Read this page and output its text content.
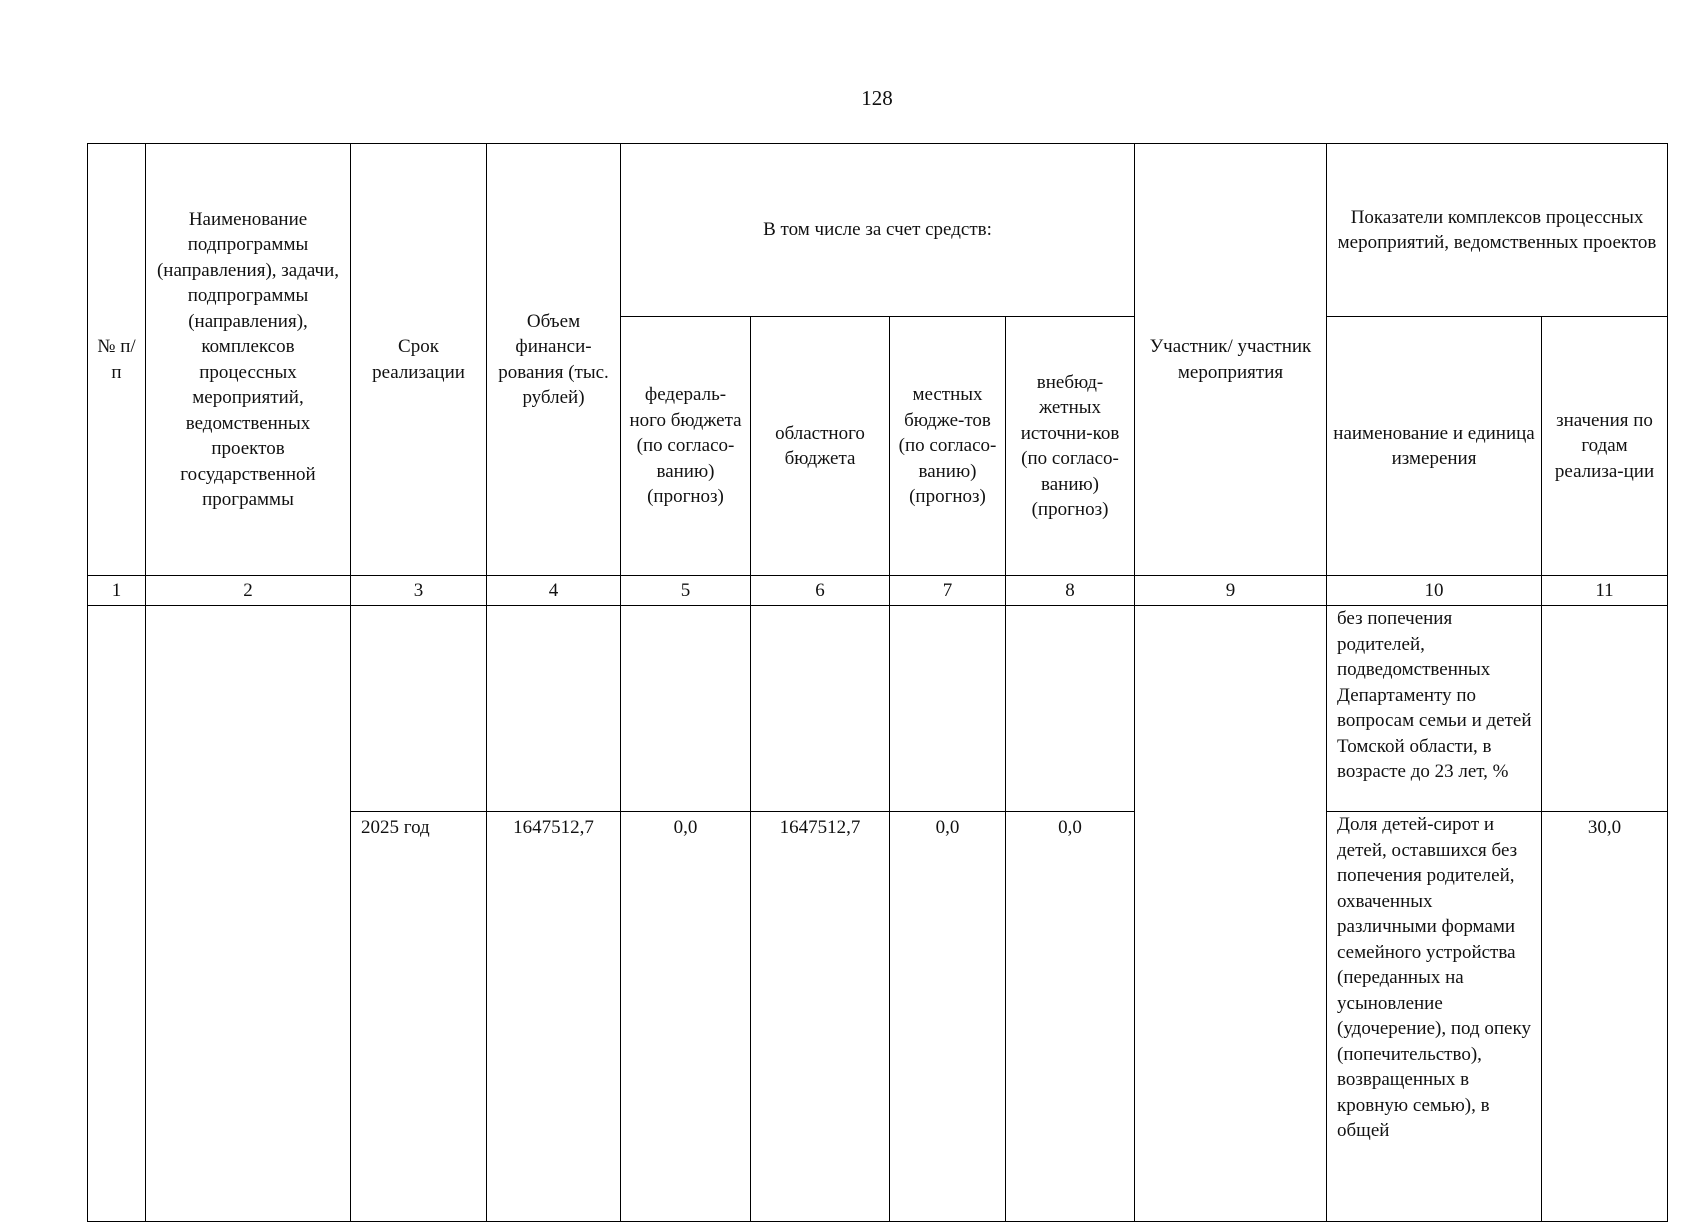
128
№ п/п	Наименование подпрограммы (направления), задачи, подпрограммы (направления), комплексов процессных мероприятий, ведомственных проектов государственной программы	Срок реализации	Объем финанси-рования (тыс. рублей)	В том числе за счет средств:				Участник/ участник мероприятия	Показатели комплексов процессных мероприятий, ведомственных проектов	
				федераль-ного бюджета (по согласо-ванию) (прогноз)	областного бюджета	местных бюдже-тов (по согласо-ванию) (прогноз)	внебюд-жетных источни-ков (по согласо-ванию) (прогноз)		наименование и единица измерения	значения по годам реализа-ции
1	2	3	4	5	6	7	8	9	10	11
									без попечения родителей, подведомственных Департаменту по вопросам семьи и детей Томской области, в возрасте до 23 лет, %	
		2025 год	1647512,7	0,0	1647512,7	0,0	0,0		Доля детей-сирот и детей, оставшихся без попечения родителей, охваченных различными формами семейного устройства (переданных на усыновление (удочерение), под опеку (попечительство), возвращенных в кровную семью), в общей	30,0
